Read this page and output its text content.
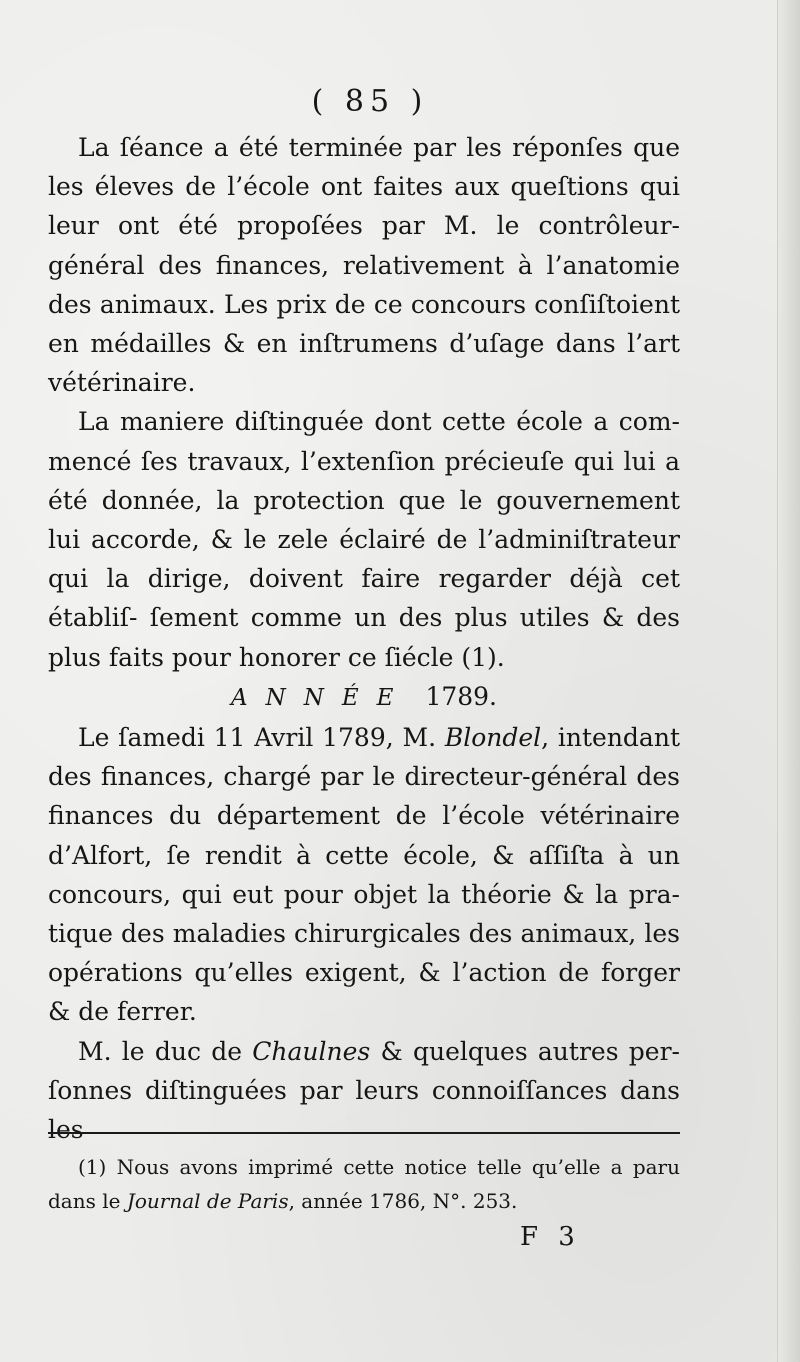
( 85 )

La ſéance a été terminée par les réponſes que les éleves de l’école ont faites aux queſtions qui leur ont été propoſées par M. le contrôleur-général des finances, relativement à l’anatomie des animaux. Les prix de ce concours conſiſtoient en médailles & en inſtrumens d’uſage dans l’art vétérinaire.

La maniere diſtinguée dont cette école a com- mencé ſes travaux, l’extenſion précieuſe qui lui a été donnée, la protection que le gouvernement lui accorde, & le zele éclairé de l’adminiſtrateur qui la dirige, doivent faire regarder déjà cet établiſ- ſement comme un des plus utiles & des plus faits pour honorer ce ſiécle (1).

ANNÉE 1789.

Le ſamedi 11 Avril 1789, M. Blondel, intendant des finances, chargé par le directeur-général des finances du département de l’école vétérinaire d’Alfort, ſe rendit à cette école, & aſſiſta à un concours, qui eut pour objet la théorie & la pra- tique des maladies chirurgicales des animaux, les opérations qu’elles exigent, & l’action de forger & de ferrer.

M. le duc de Chaulnes & quelques autres per- ſonnes diſtinguées par leurs connoiſſances dans les

(1) Nous avons imprimé cette notice telle qu’elle a paru dans le Journal de Paris, année 1786, N°. 253.

F 3
